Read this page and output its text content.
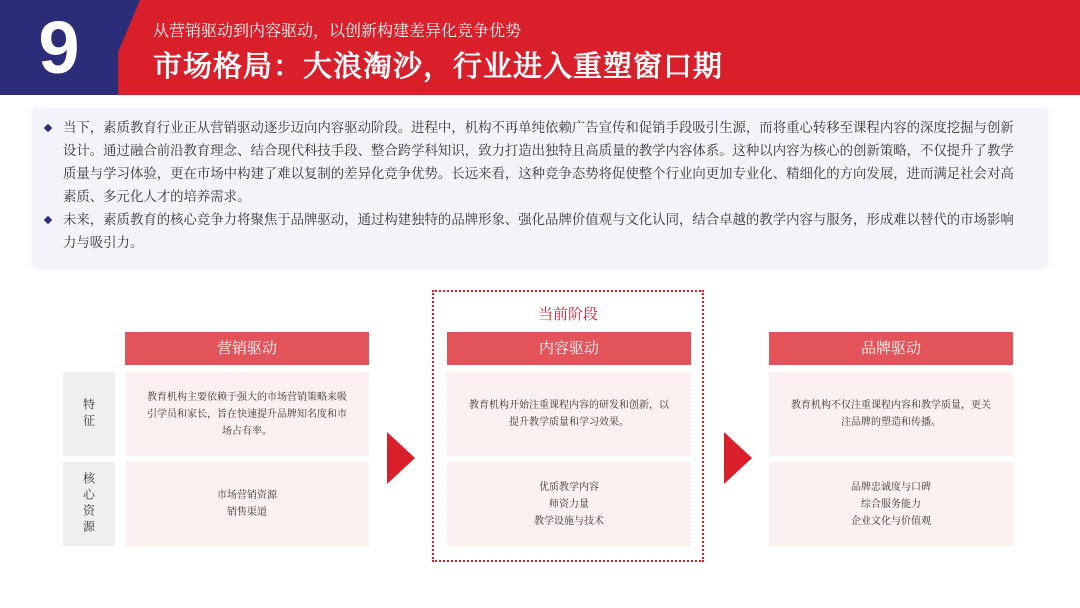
9	从营销驱动到内容驱动，以创新构建差异化竞争优势
市场格局：大浪淘沙，行业进入重塑窗口期

当下，素质教育行业正从营销驱动逐步迈向内容驱动阶段。进程中，机构不再单纯依赖广告宣传和促销手段吸引生源，而将重心转移至课程内容的深度挖掘与创新设计。通过融合前沿教育理念、结合现代科技手段、整合跨学科知识，致力打造出独特且高质量的教学内容体系。这种以内容为核心的创新策略，不仅提升了教学质量与学习体验，更在市场中构建了难以复制的差异化竞争优势。长远来看，这种竞争态势将促使整个行业向更加专业化、精细化的方向发展，进而满足社会对高素质、多元化人才的培养需求。

未来，素质教育的核心竞争力将聚焦于品牌驱动，通过构建独特的品牌形象、强化品牌价值观与文化认同，结合卓越的教学内容与服务，形成难以替代的市场影响力与吸引力。

当前阶段
特征
核心资源
营销驱动
教育机构主要依赖于强大的市场营销策略来吸引学员和家长，旨在快速提升品牌知名度和市场占有率。
市场营销资源
销售渠道
内容驱动
教育机构开始注重课程内容的研发和创新，以提升教学质量和学习效果。
优质教学内容
师资力量
教学设施与技术
品牌驱动
教育机构不仅注重课程内容和教学质量，更关注品牌的塑造和传播。
品牌忠诚度与口碑
综合服务能力
企业文化与价值观
